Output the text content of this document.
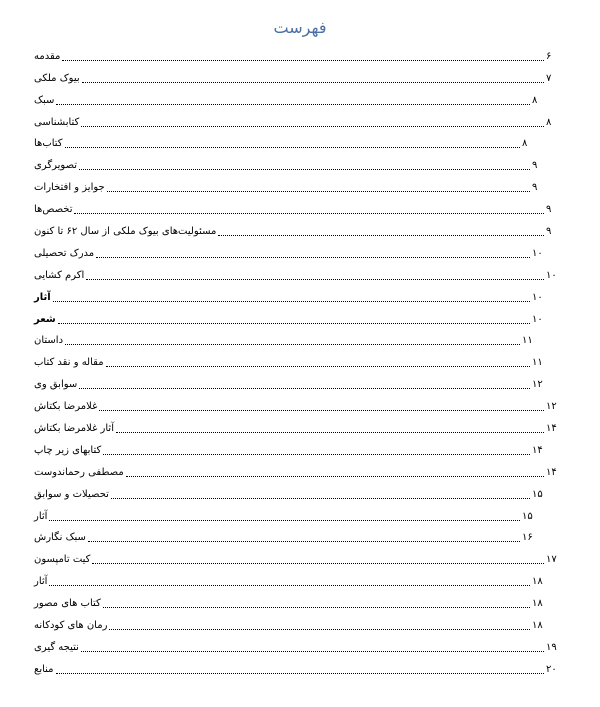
فهرست
مقدمه	۶
بیوک ملکی	۷
سبک	۸
کتابشناسی	۸
کتاب‌ها	۸
تصویرگری	۹
جوایز و افتخارات	۹
تخصص‌ها	۹
مسئولیت‌های بیوک ملکی از سال ۶۲ تا کنون	۹
مدرک تحصیلی	۱۰
اکرم کشایی	۱۰
آثار	۱۰
شعر	۱۰
داستان	۱۱
مقاله و نقد کتاب	۱۱
سوابق وی	۱۲
غلامرضا بکتاش	۱۲
آثار غلامرضا بکتاش	۱۴
کتابهای زیر چاپ	۱۴
مصطفی رحماندوست	۱۴
تحصیلات و سوابق	۱۵
آثار	۱۵
سبک نگارش	۱۶
کیت تامپسون	۱۷
آثار	۱۸
کتاب های مصور	۱۸
رمان های کودکانه	۱۸
نتیجه گیری	۱۹
منابع	۲۰
